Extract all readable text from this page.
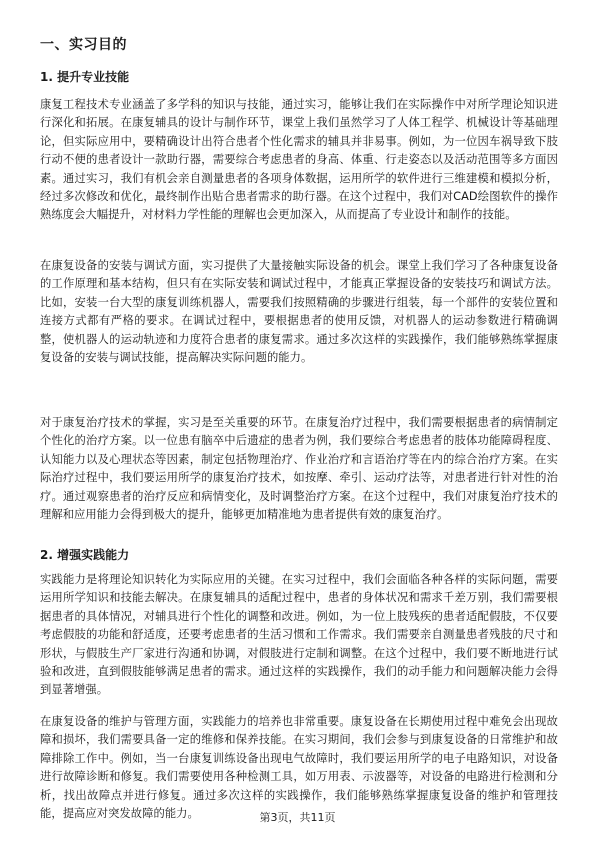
一、实习目的
1. 提升专业技能
康复工程技术专业涵盖了多学科的知识与技能，通过实习，能够让我们在实际操作中对所学理论知识进行深化和拓展。在康复辅具的设计与制作环节，课堂上我们虽然学习了人体工程学、机械设计等基础理论，但实际应用中，要精确设计出符合患者个性化需求的辅具并非易事。例如，为一位因车祸导致下肢行动不便的患者设计一款助行器，需要综合考虑患者的身高、体重、行走姿态以及活动范围等多方面因素。通过实习，我们有机会亲自测量患者的各项身体数据，运用所学的软件进行三维建模和模拟分析，经过多次修改和优化，最终制作出贴合患者需求的助行器。在这个过程中，我们对CAD绘图软件的操作熟练度会大幅提升，对材料力学性能的理解也会更加深入，从而提高了专业设计和制作的技能。
在康复设备的安装与调试方面，实习提供了大量接触实际设备的机会。课堂上我们学习了各种康复设备的工作原理和基本结构，但只有在实际安装和调试过程中，才能真正掌握设备的安装技巧和调试方法。比如，安装一台大型的康复训练机器人，需要我们按照精确的步骤进行组装，每一个部件的安装位置和连接方式都有严格的要求。在调试过程中，要根据患者的使用反馈，对机器人的运动参数进行精确调整，使机器人的运动轨迹和力度符合患者的康复需求。通过多次这样的实践操作，我们能够熟练掌握康复设备的安装与调试技能，提高解决实际问题的能力。
对于康复治疗技术的掌握，实习是至关重要的环节。在康复治疗过程中，我们需要根据患者的病情制定个性化的治疗方案。以一位患有脑卒中后遗症的患者为例，我们要综合考虑患者的肢体功能障碍程度、认知能力以及心理状态等因素，制定包括物理治疗、作业治疗和言语治疗等在内的综合治疗方案。在实际治疗过程中，我们要运用所学的康复治疗技术，如按摩、牵引、运动疗法等，对患者进行针对性的治疗。通过观察患者的治疗反应和病情变化，及时调整治疗方案。在这个过程中，我们对康复治疗技术的理解和应用能力会得到极大的提升，能够更加精准地为患者提供有效的康复治疗。
2. 增强实践能力
实践能力是将理论知识转化为实际应用的关键。在实习过程中，我们会面临各种各样的实际问题，需要运用所学知识和技能去解决。在康复辅具的适配过程中，患者的身体状况和需求千差万别，我们需要根据患者的具体情况，对辅具进行个性化的调整和改进。例如，为一位上肢残疾的患者适配假肢，不仅要考虑假肢的功能和舒适度，还要考虑患者的生活习惯和工作需求。我们需要亲自测量患者残肢的尺寸和形状，与假肢生产厂家进行沟通和协调，对假肢进行定制和调整。在这个过程中，我们要不断地进行试验和改进，直到假肢能够满足患者的需求。通过这样的实践操作，我们的动手能力和问题解决能力会得到显著增强。
在康复设备的维护与管理方面，实践能力的培养也非常重要。康复设备在长期使用过程中难免会出现故障和损坏，我们需要具备一定的维修和保养技能。在实习期间，我们会参与到康复设备的日常维护和故障排除工作中。例如，当一台康复训练设备出现电气故障时，我们要运用所学的电子电路知识，对设备进行故障诊断和修复。我们需要使用各种检测工具，如万用表、示波器等，对设备的电路进行检测和分析，找出故障点并进行修复。通过多次这样的实践操作，我们能够熟练掌握康复设备的维护和管理技能，提高应对突发故障的能力。	第3页，共11页
